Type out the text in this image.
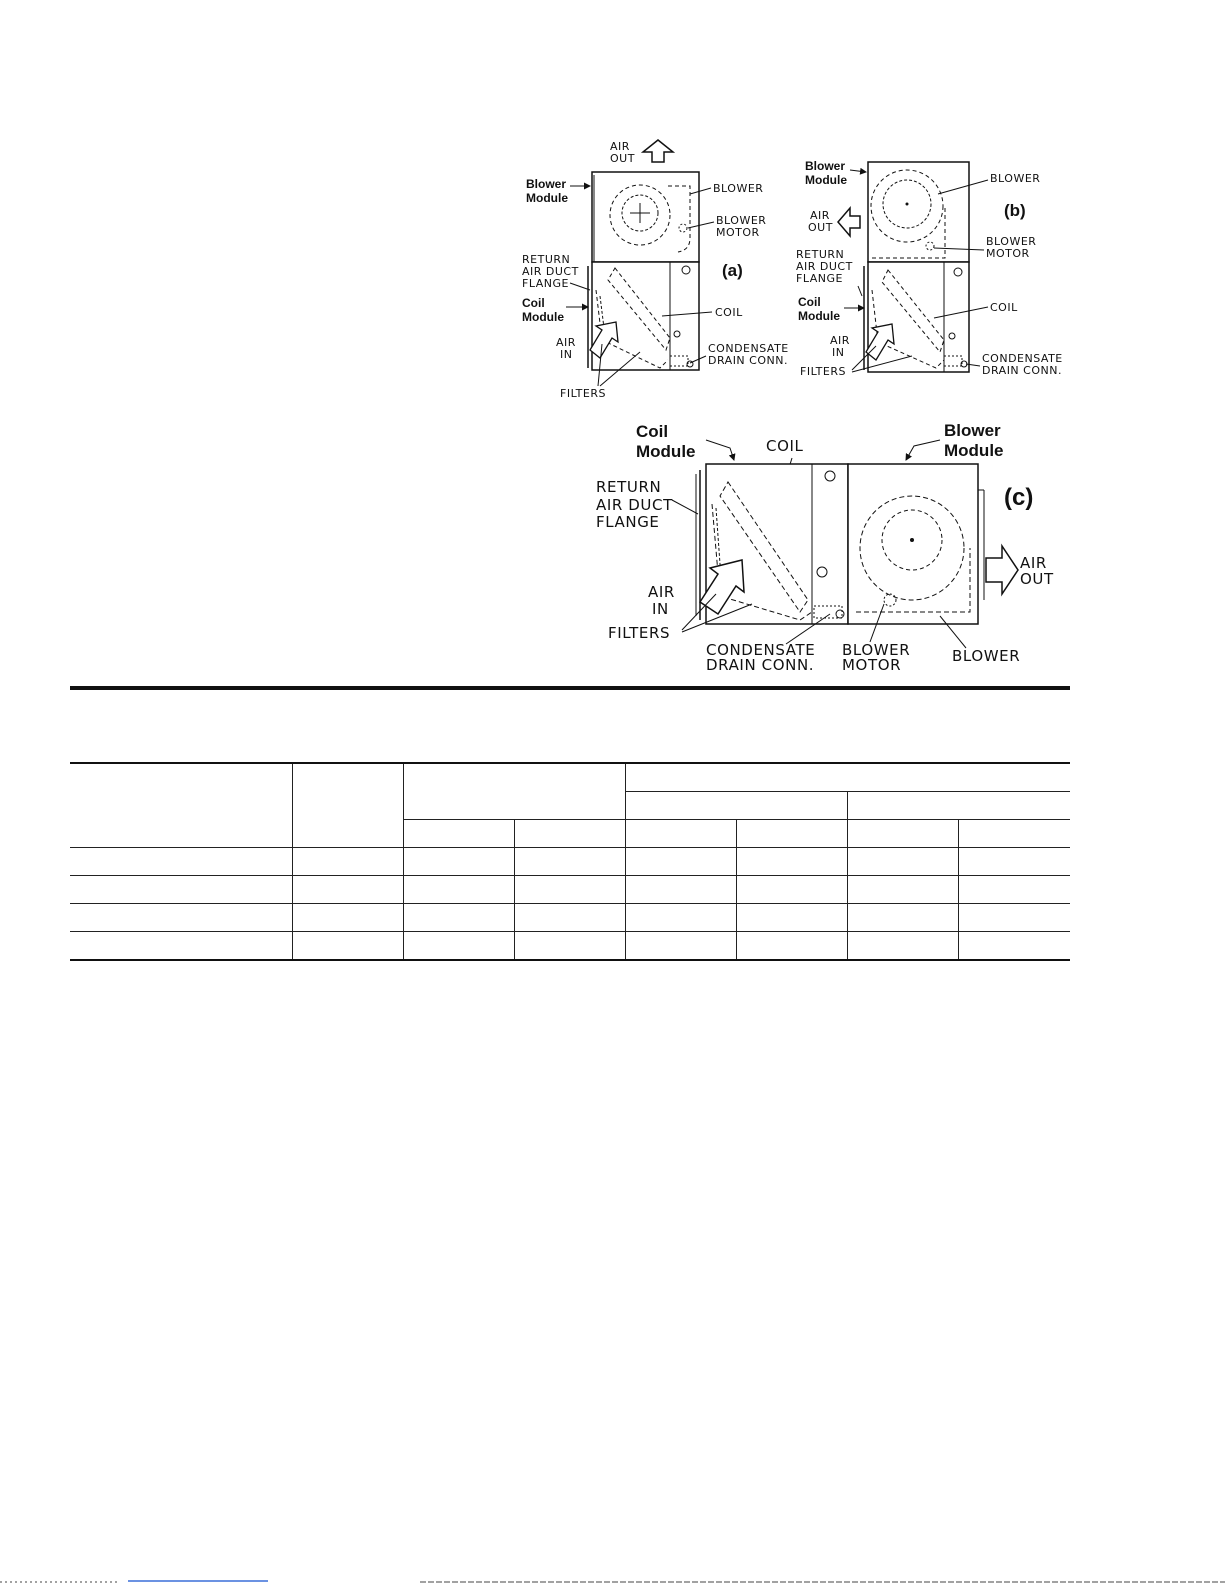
AIR
OUT
Blower
Module
BLOWER
BLOWER
MOTOR
RETURN
AIR DUCT
FLANGE
Coil
Module
(a)
COIL
AIR
IN	CONDENSATE
DRAIN CONN.
FILTERS
Blower
Module
AIR
OUT
BLOWER
(b)
BLOWER
MOTOR
RETURN
AIR DUCT
FLANGE
Coil
Module
COIL
AIR
IN
FILTERS
CONDENSATE
DRAIN CONN.
Coil
Module	COIL
Blower
Module
(c)
AIR
OUT
RETURN
AIR DUCT
FLANGE
AIR
IN
FILTERS
CONDENSATE
DRAIN CONN.
BLOWER
MOTOR	BLOWER
